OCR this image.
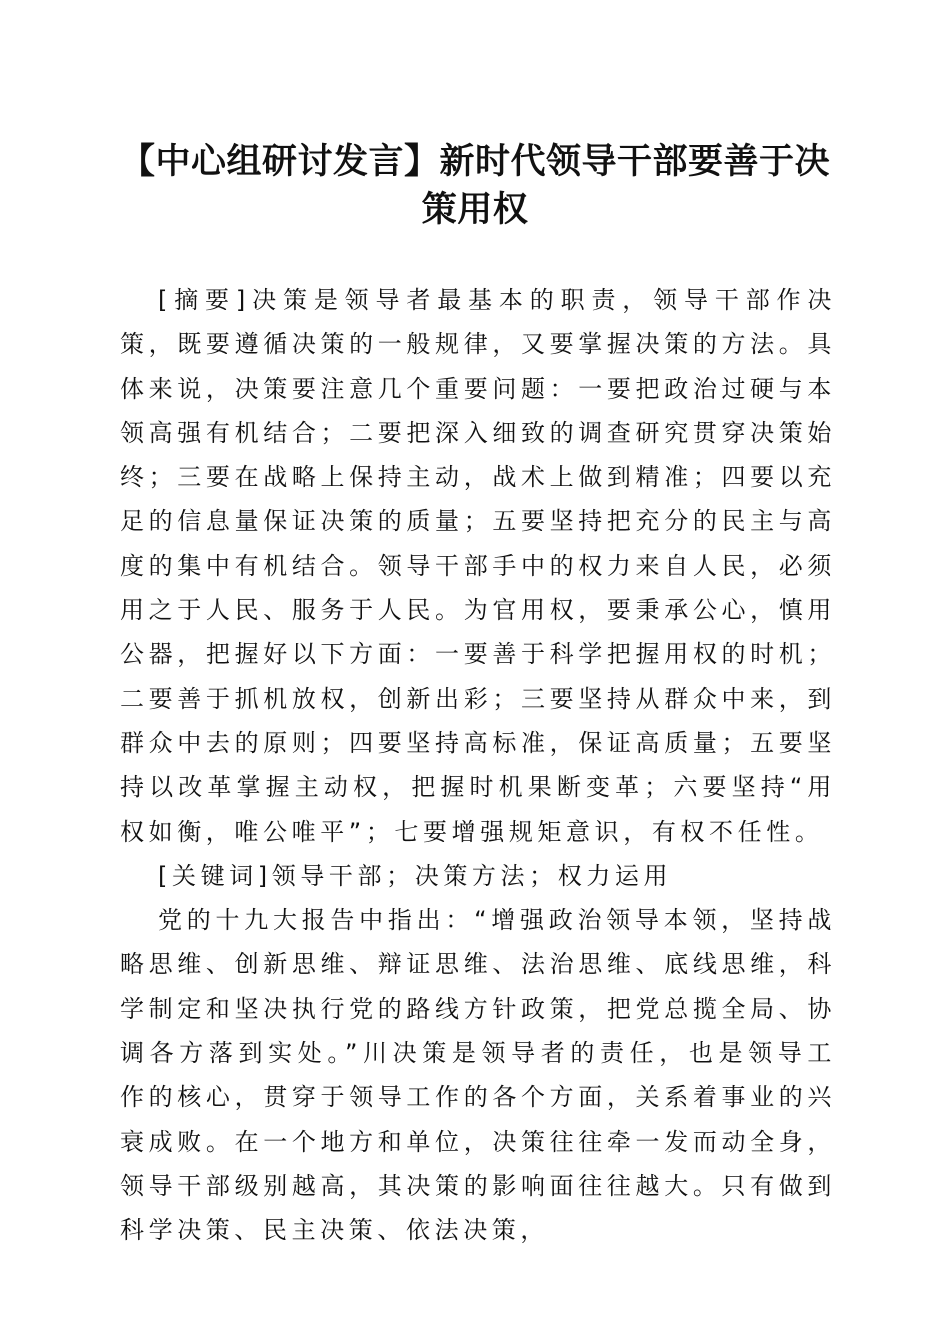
【中心组研讨发言】新时代领导干部要善于决策用权

[摘要]决策是领导者最基本的职责，领导干部作决策，既要遵循决策的一般规律，又要掌握决策的方法。具体来说，决策要注意几个重要问题：一要把政治过硬与本领高强有机结合；二要把深入细致的调查研究贯穿决策始终；三要在战略上保持主动，战术上做到精准；四要以充足的信息量保证决策的质量；五要坚持把充分的民主与高度的集中有机结合。领导干部手中的权力来自人民，必须用之于人民、服务于人民。为官用权，要秉承公心，慎用公器，把握好以下方面：一要善于科学把握用权的时机；二要善于抓机放权，创新出彩；三要坚持从群众中来，到群众中去的原则；四要坚持高标准，保证高质量；五要坚持以改革掌握主动权，把握时机果断变革；六要坚持“用权如衡，唯公唯平”；七要增强规矩意识，有权不任性。

[关键词]领导干部；决策方法；权力运用

党的十九大报告中指出：“增强政治领导本领，坚持战略思维、创新思维、辩证思维、法治思维、底线思维，科学制定和坚决执行党的路线方针政策，把党总揽全局、协调各方落到实处。”川决策是领导者的责任，也是领导工作的核心，贯穿于领导工作的各个方面，关系着事业的兴衰成败。在一个地方和单位，决策往往牵一发而动全身，领导干部级别越高，其决策的影响面往往越大。只有做到科学决策、民主决策、依法决策，
